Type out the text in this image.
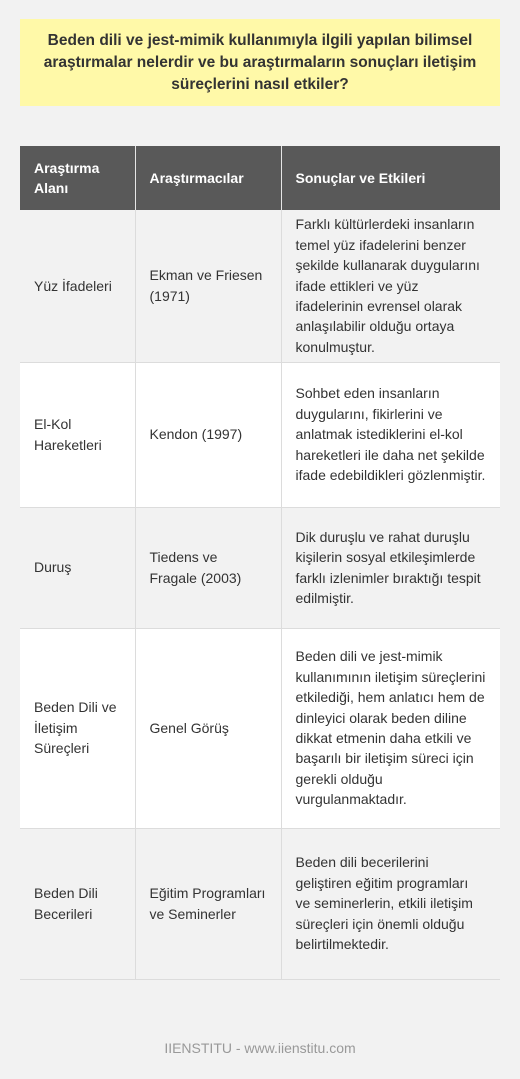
Beden dili ve jest-mimik kullanımıyla ilgili yapılan bilimsel araştırmalar nelerdir ve bu araştırmaların sonuçları iletişim süreçlerini nasıl etkiler?
Araştırma Alanı	Araştırmacılar	Sonuçlar ve Etkileri
Yüz İfadeleri	Ekman ve Friesen (1971)	Farklı kültürlerdeki insanların temel yüz ifadelerini benzer şekilde kullanarak duygularını ifade ettikleri ve yüz ifadelerinin evrensel olarak anlaşılabilir olduğu ortaya konulmuştur.
El-Kol Hareketleri	Kendon (1997)	Sohbet eden insanların duygularını, fikirlerini ve anlatmak istediklerini el-kol hareketleri ile daha net şekilde ifade edebildikleri gözlenmiştir.
Duruş	Tiedens ve Fragale (2003)	Dik duruşlu ve rahat duruşlu kişilerin sosyal etkileşimlerde farklı izlenimler bıraktığı tespit edilmiştir.
Beden Dili ve İletişim Süreçleri	Genel Görüş	Beden dili ve jest-mimik kullanımının iletişim süreçlerini etkilediği, hem anlatıcı hem de dinleyici olarak beden diline dikkat etmenin daha etkili ve başarılı bir iletişim süreci için gerekli olduğu vurgulanmaktadır.
Beden Dili Becerileri	Eğitim Programları ve Seminerler	Beden dili becerilerini geliştiren eğitim programları ve seminerlerin, etkili iletişim süreçleri için önemli olduğu belirtilmektedir.
IIENSTITU - www.iienstitu.com
